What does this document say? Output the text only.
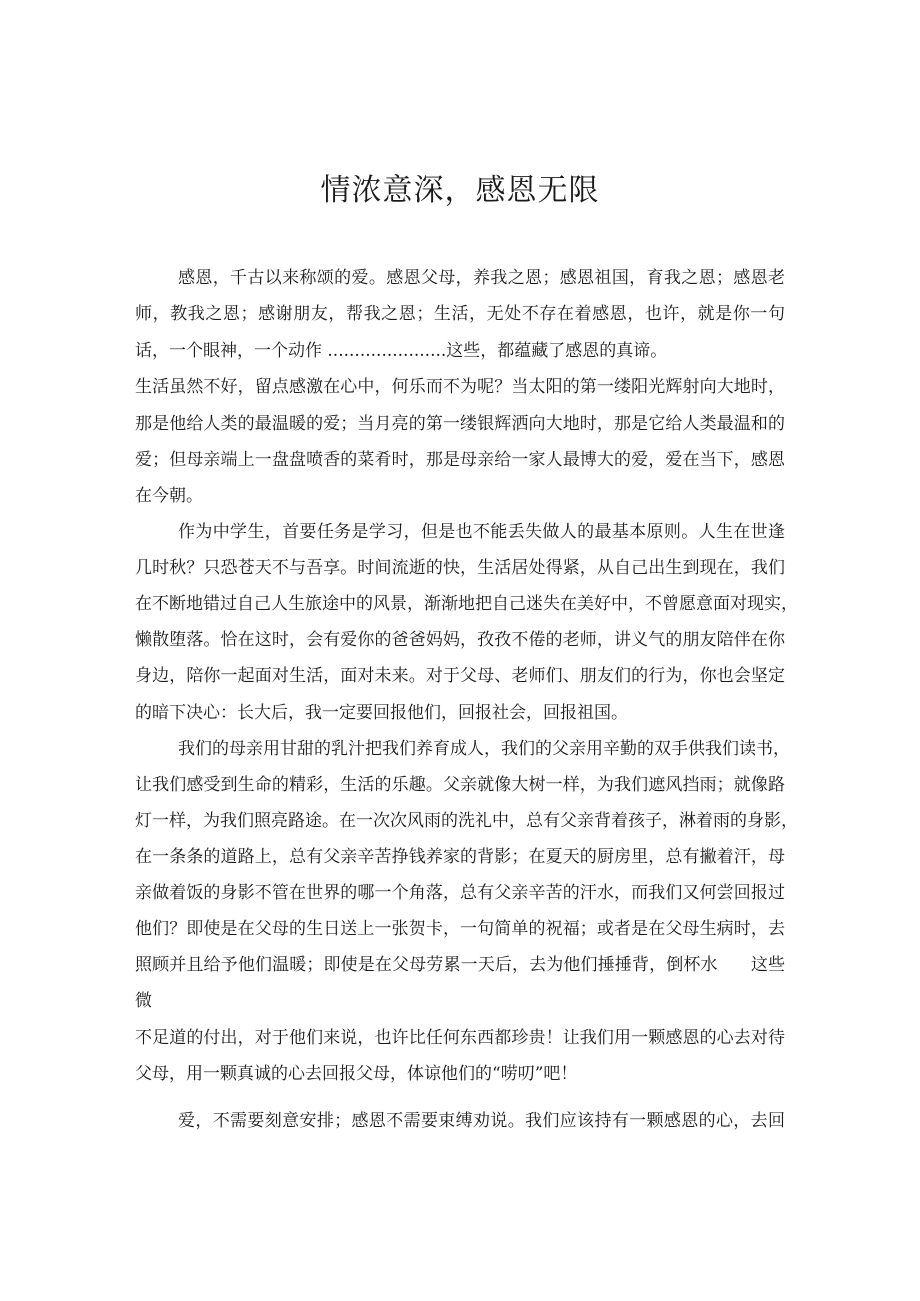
情浓意深，感恩无限
感恩，千古以来称颂的爱。感恩父母，养我之恩；感恩祖国，育我之恩；感恩老
师，教我之恩；感谢朋友，帮我之恩；生活，无处不存在着感恩，也许，就是你一句
话，一个眼神，一个动作 ......................这些，都蕴藏了感恩的真谛。
生活虽然不好，留点感激在心中，何乐而不为呢？当太阳的第一缕阳光辉射向大地时，
那是他给人类的最温暖的爱；当月亮的第一缕银辉洒向大地时，那是它给人类最温和的
爱；但母亲端上一盘盘喷香的菜肴时，那是母亲给一家人最博大的爱，爱在当下，感恩
在今朝。
作为中学生，首要任务是学习，但是也不能丢失做人的最基本原则。人生在世逢
几时秋？只恐苍天不与吾享。时间流逝的快，生活居处得紧，从自己出生到现在，我们
在不断地错过自己人生旅途中的风景，渐渐地把自己迷失在美好中，不曾愿意面对现实，
懒散堕落。恰在这时，会有爱你的爸爸妈妈，孜孜不倦的老师，讲义气的朋友陪伴在你
身边，陪你一起面对生活，面对未来。对于父母、老师们、朋友们的行为，你也会坚定
的暗下决心：长大后，我一定要回报他们，回报社会，回报祖国。
我们的母亲用甘甜的乳汁把我们养育成人，我们的父亲用辛勤的双手供我们读书，
让我们感受到生命的精彩，生活的乐趣。父亲就像大树一样，为我们遮风挡雨；就像路
灯一样，为我们照亮路途。在一次次风雨的洗礼中，总有父亲背着孩子，淋着雨的身影，
在一条条的道路上，总有父亲辛苦挣钱养家的背影；在夏天的厨房里，总有撇着汗，母
亲做着饭的身影不管在世界的哪一个角落，总有父亲辛苦的汗水，而我们又何尝回报过
他们？即使是在父母的生日送上一张贺卡，一句简单的祝福；或者是在父母生病时，去
照顾并且给予他们温暖；即使是在父母劳累一天后，去为他们捶捶背，倒杯水      这些
微
不足道的付出，对于他们来说，也许比任何东西都珍贵！让我们用一颗感恩的心去对待
父母，用一颗真诚的心去回报父母，体谅他们的“唠叨”吧！
爱，不需要刻意安排；感恩不需要束缚劝说。我们应该持有一颗感恩的心，去回
